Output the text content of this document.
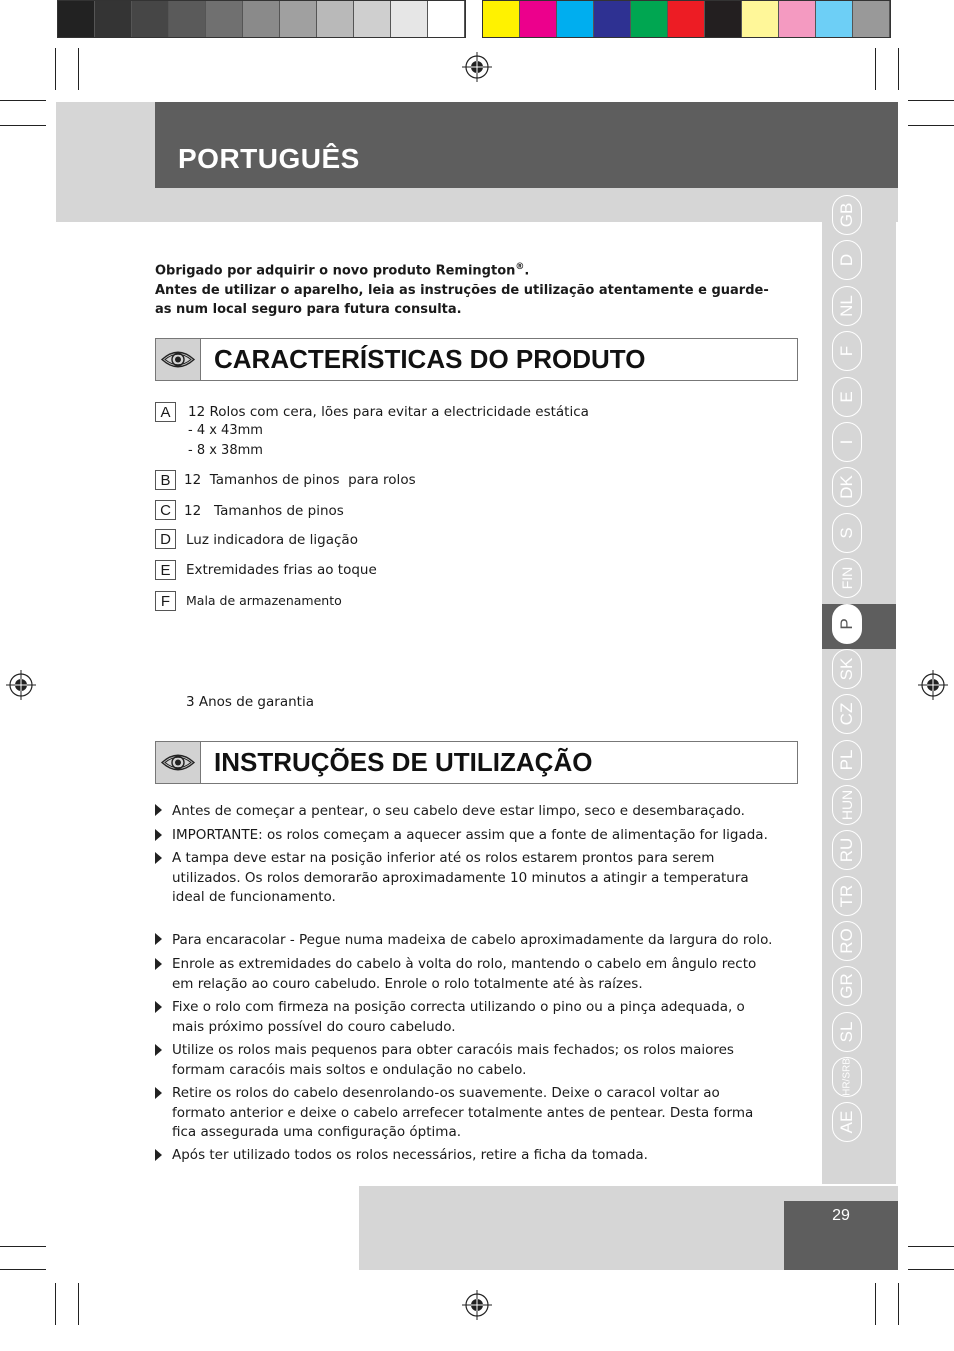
PORTUGUÊS
GB
D
NL
F
E
I
DK
S
FIN
P
SK
CZ
PL
HUN
RU
TR
RO
GR
SL
HR/SRB
AE
Obrigado por adquirir o novo produto Remington®.
Antes de utilizar o aparelho, leia as instruções de utilização atentamente e guarde-as num local seguro para futura consulta.
CARACTERÍSTICAS DO PRODUTO
A	12 Rolos com cera, lões para evitar a electricidade estática
- 4 x 43mm
- 8 x 38mm
B	12  Tamanhos de pinos  para rolos
C 12   Tamanhos de pinos
D	Luz indicadora de ligação
E	Extremidades frias ao toque
F	Mala de armazenamento
3 Anos de garantia
INSTRUÇÕES DE UTILIZAÇÃO
Antes de começar a pentear, o seu cabelo deve estar limpo, seco e desembaraçado.
IMPORTANTE: os rolos começam a aquecer assim que a fonte de alimentação for ligada.
A tampa deve estar na posição inferior até os rolos estarem prontos para serem utilizados. Os rolos demorarão aproximadamente 10 minutos a atingir a temperatura ideal de funcionamento.
Para encaracolar - Pegue numa madeixa de cabelo aproximadamente da largura do rolo.
Enrole as extremidades do cabelo à volta do rolo, mantendo o cabelo em ângulo recto em relação ao couro cabeludo. Enrole o rolo totalmente até às raízes.
Fixe o rolo com firmeza na posição correcta utilizando o pino ou a pinça adequada, o mais próximo possível do couro cabeludo.
Utilize os rolos mais pequenos para obter caracóis mais fechados; os rolos maiores formam caracóis mais soltos e ondulação no cabelo.
Retire os rolos do cabelo desenrolando-os suavemente. Deixe o caracol voltar ao formato anterior e deixe o cabelo arrefecer totalmente antes de pentear. Desta forma fica assegurada uma configuração óptima.
Após ter utilizado todos os rolos necessários, retire a ficha da tomada.
29
